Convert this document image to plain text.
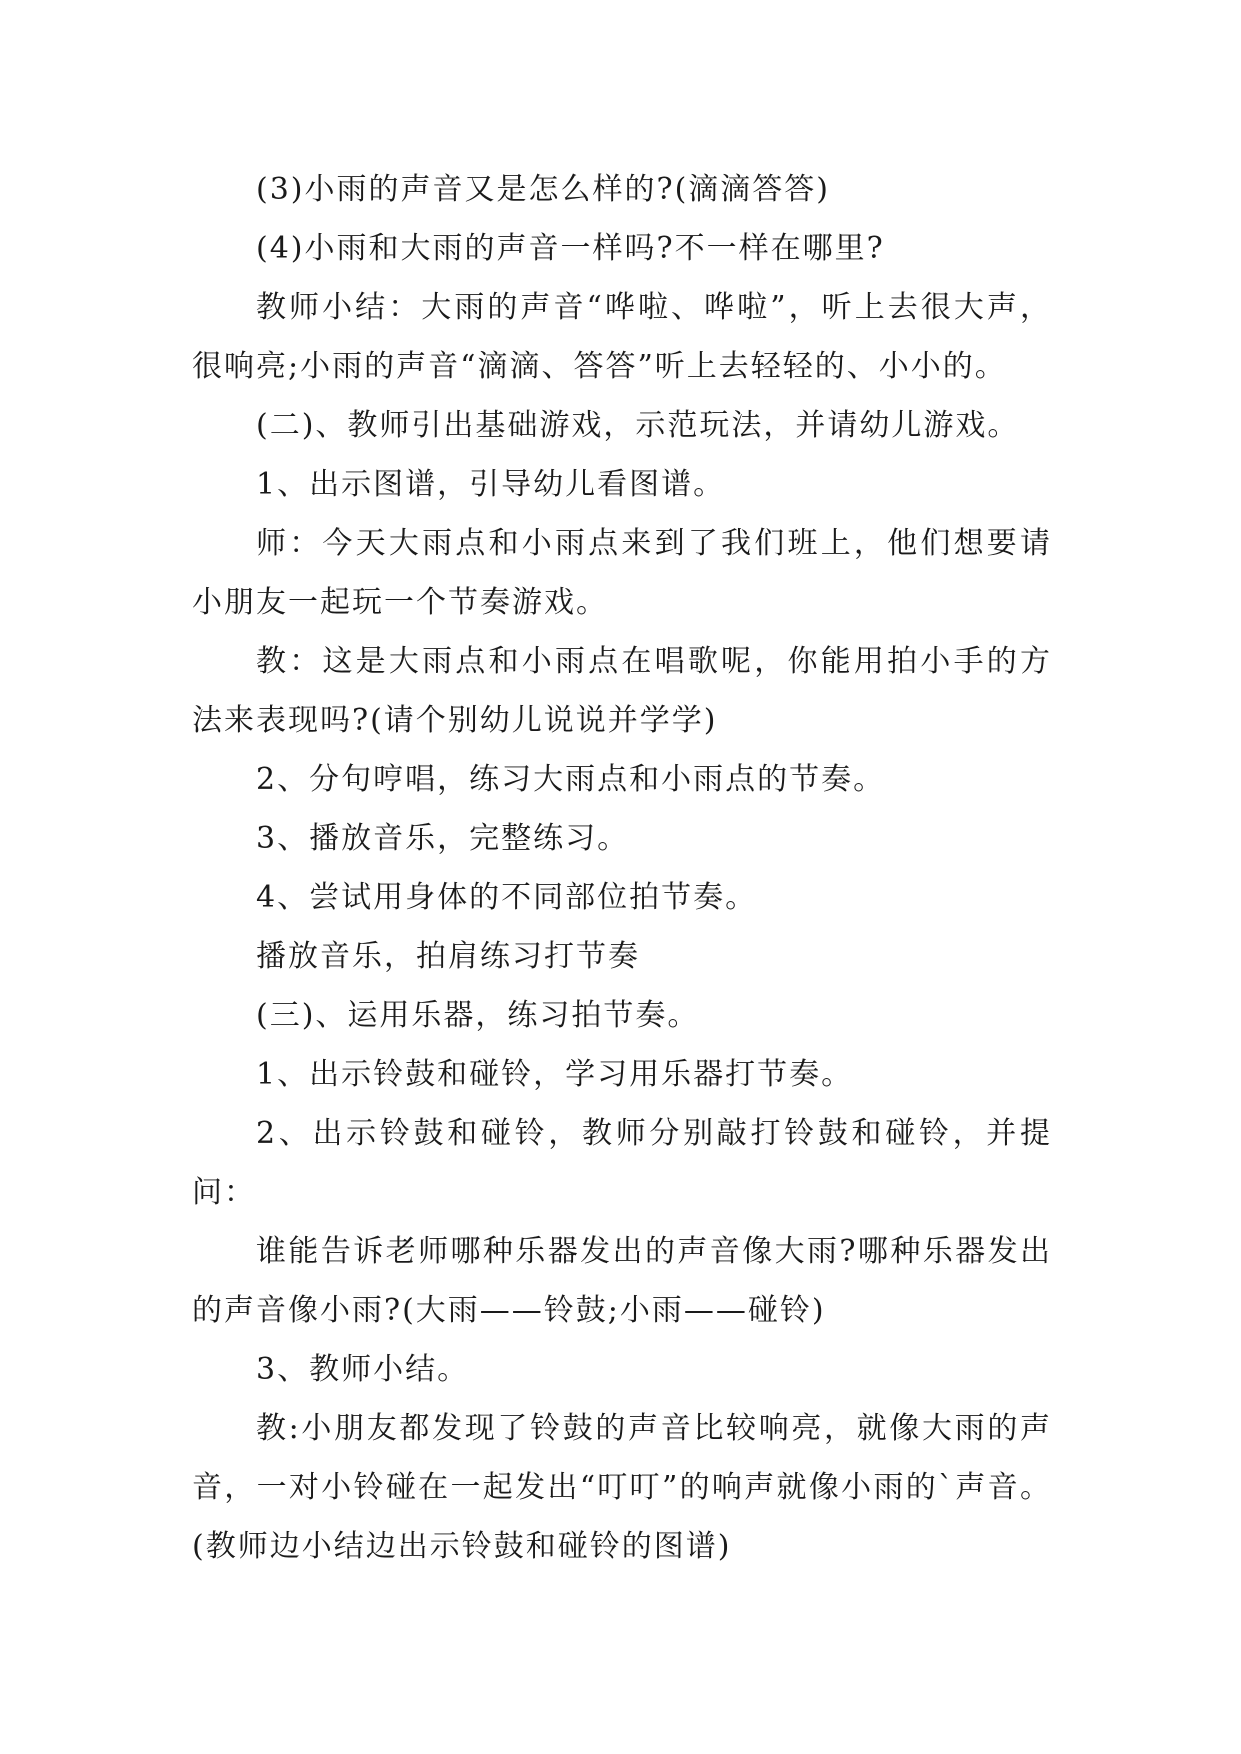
(3)小雨的声音又是怎么样的?(滴滴答答)

(4)小雨和大雨的声音一样吗?不一样在哪里?

教师小结：大雨的声音“哗啦、哗啦”，听上去很大声，很响亮;小雨的声音“滴滴、答答”听上去轻轻的、小小的。

(二)、教师引出基础游戏，示范玩法，并请幼儿游戏。

1、出示图谱，引导幼儿看图谱。

师：今天大雨点和小雨点来到了我们班上，他们想要请小朋友一起玩一个节奏游戏。

教：这是大雨点和小雨点在唱歌呢，你能用拍小手的方法来表现吗?(请个别幼儿说说并学学)

2、分句哼唱，练习大雨点和小雨点的节奏。

3、播放音乐，完整练习。

4、尝试用身体的不同部位拍节奏。

播放音乐，拍肩练习打节奏

(三)、运用乐器，练习拍节奏。

1、出示铃鼓和碰铃，学习用乐器打节奏。

2、出示铃鼓和碰铃，教师分别敲打铃鼓和碰铃，并提问：

谁能告诉老师哪种乐器发出的声音像大雨?哪种乐器发出的声音像小雨?(大雨——铃鼓;小雨——碰铃)

3、教师小结。

教:小朋友都发现了铃鼓的声音比较响亮，就像大雨的声音，一对小铃碰在一起发出“叮叮”的响声就像小雨的`声音。(教师边小结边出示铃鼓和碰铃的图谱)
